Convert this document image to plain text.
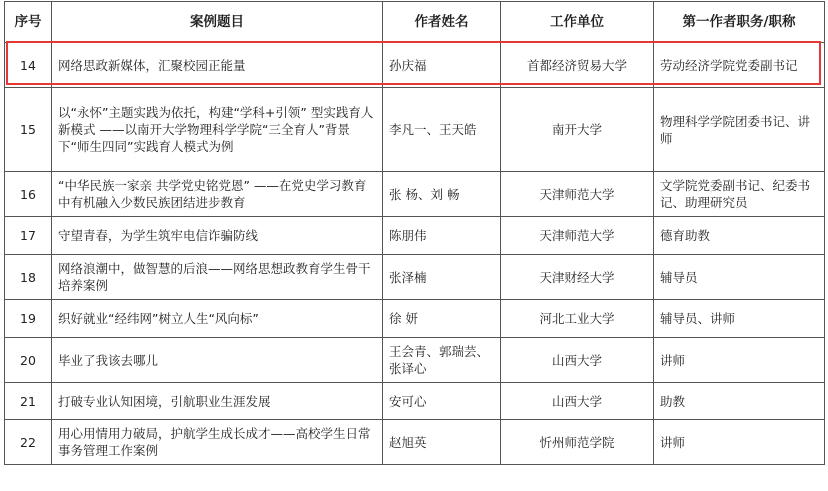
序号	案例题目	作者姓名	工作单位	第一作者职务/职称
14	网络思政新媒体，汇聚校园正能量	孙庆福	首都经济贸易大学	劳动经济学院党委副书记
15	以“永怀”主题实践为依托，构建“学科+引领” 型实践育人新模式 ——以南开大学物理科学学院“三全育人”背景下“师生四同”实践育人模式为例	李凡一、王天皓	南开大学	物理科学学院团委书记、讲师
16	“中华民族一家亲 共学党史铭党恩” ——在党史学习教育中有机融入少数民族团结进步教育	张 杨、刘 畅	天津师范大学	文学院党委副书记、纪委书记、助理研究员
17	守望青春，为学生筑牢电信诈骗防线	陈朋伟	天津师范大学	德育助教
18	网络浪潮中，做智慧的后浪——网络思想政教育学生骨干培养案例	张泽楠	天津财经大学	辅导员
19	织好就业“经纬网”树立人生“风向标”	徐 妍	河北工业大学	辅导员、讲师
20	毕业了我该去哪儿	王会青、郭瑞芸、张译心	山西大学	讲师
21	打破专业认知困境，引航职业生涯发展	安可心	山西大学	助教
22	用心用情用力破局，护航学生成长成才——高校学生日常事务管理工作案例	赵旭英	忻州师范学院	讲师
